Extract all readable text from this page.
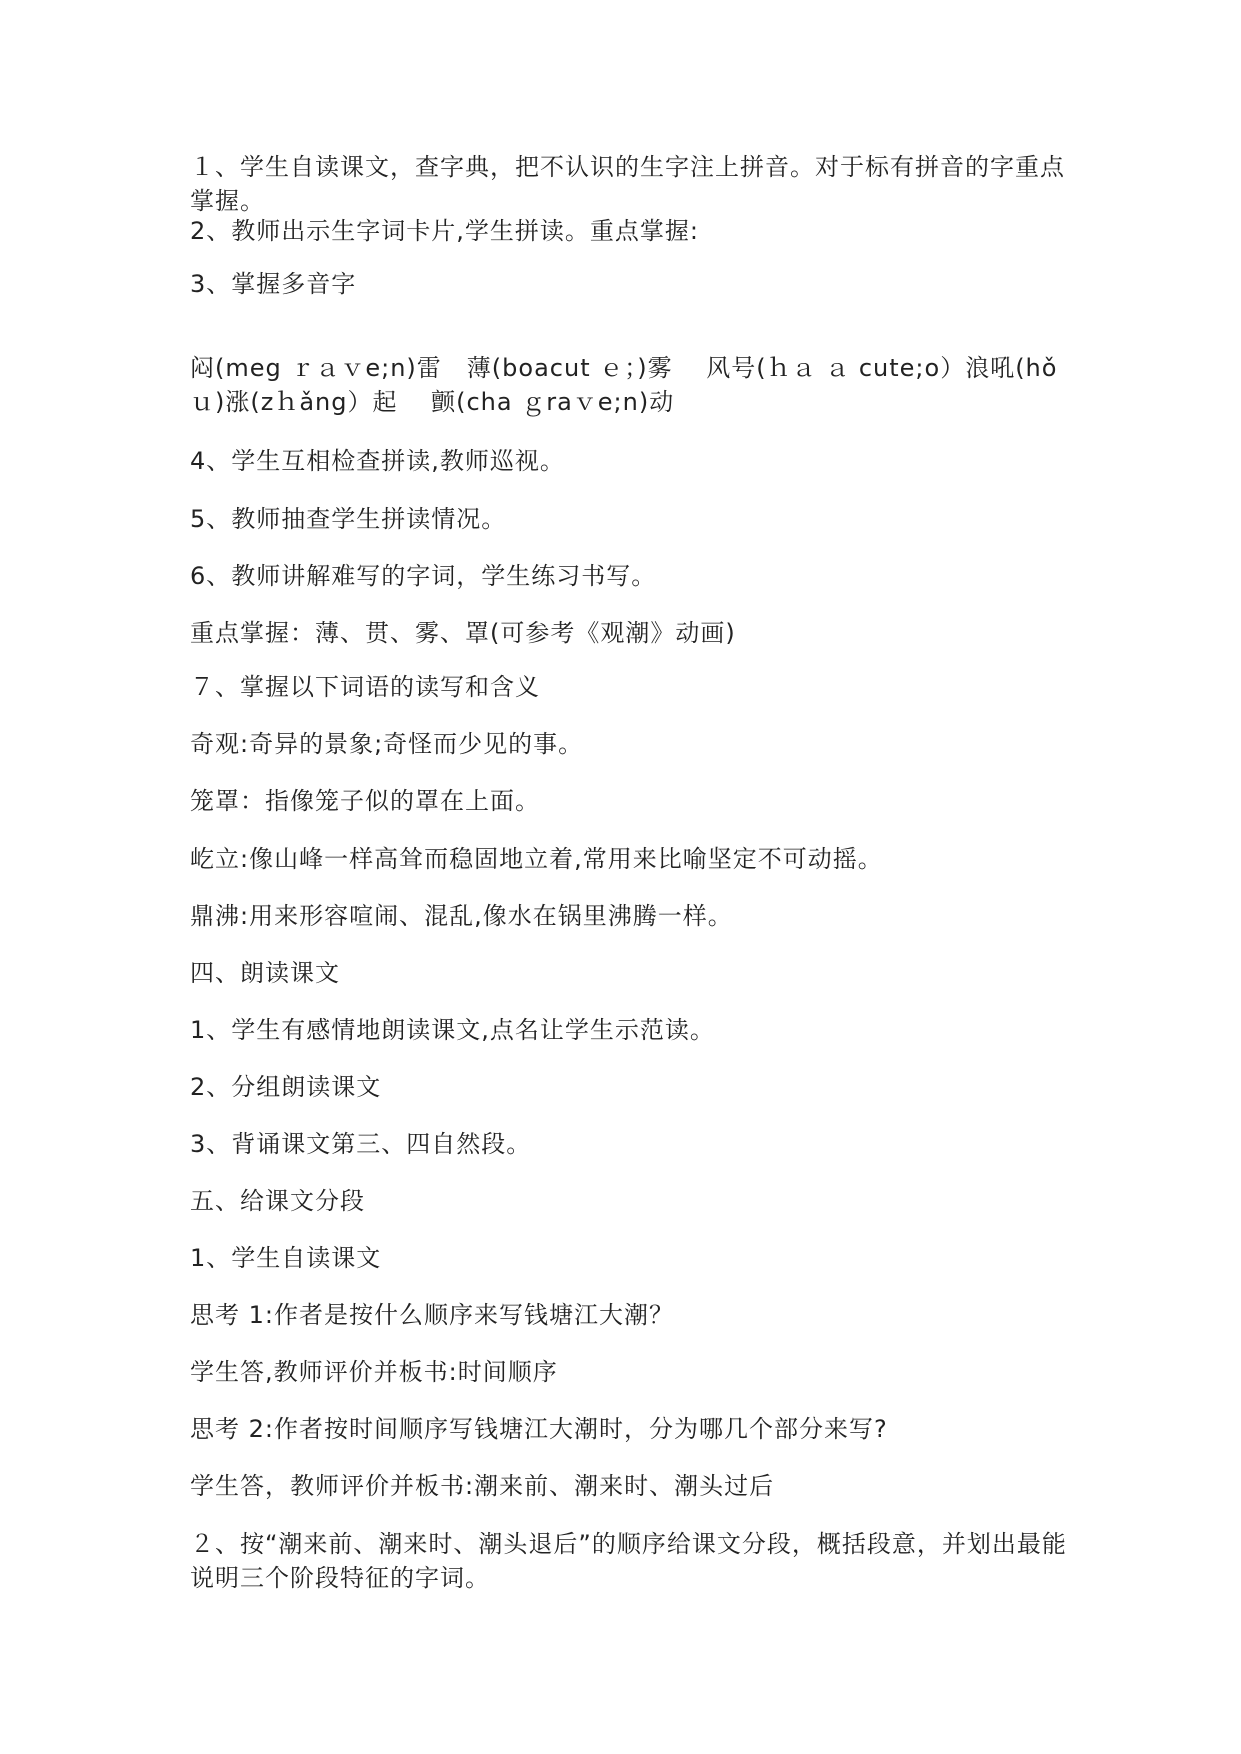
１、学生自读课文，查字典，把不认识的生字注上拼音。对于标有拼音的字重点掌握。
2、教师出示生字词卡片,学生拼读。重点掌握:
3、掌握多音字
闷(meg ｒａｖe;n)雷　薄(boacut ｅ；)雾　 风号(ｈａ ａ cute;o）浪吼(hǒｕ)涨(zｈǎng）起　 颤(cha ｇraｖe;n)动
4、学生互相检查拼读,教师巡视。
5、教师抽查学生拼读情况。
6、教师讲解难写的字词，学生练习书写。
重点掌握：薄、贯、雾、罩(可参考《观潮》动画)
７、掌握以下词语的读写和含义
奇观:奇异的景象;奇怪而少见的事。
笼罩：指像笼子似的罩在上面。
屹立:像山峰一样高耸而稳固地立着,常用来比喻坚定不可动摇。
鼎沸:用来形容喧闹、混乱,像水在锅里沸腾一样。
四、朗读课文
1、学生有感情地朗读课文,点名让学生示范读。
2、分组朗读课文
3、背诵课文第三、四自然段。
五、给课文分段
1、学生自读课文
思考 1:作者是按什么顺序来写钱塘江大潮？
学生答,教师评价并板书:时间顺序
思考 2:作者按时间顺序写钱塘江大潮时，分为哪几个部分来写?
学生答，教师评价并板书:潮来前、潮来时、潮头过后
２、按“潮来前、潮来时、潮头退后”的顺序给课文分段，概括段意，并划出最能说明三个阶段特征的字词。
